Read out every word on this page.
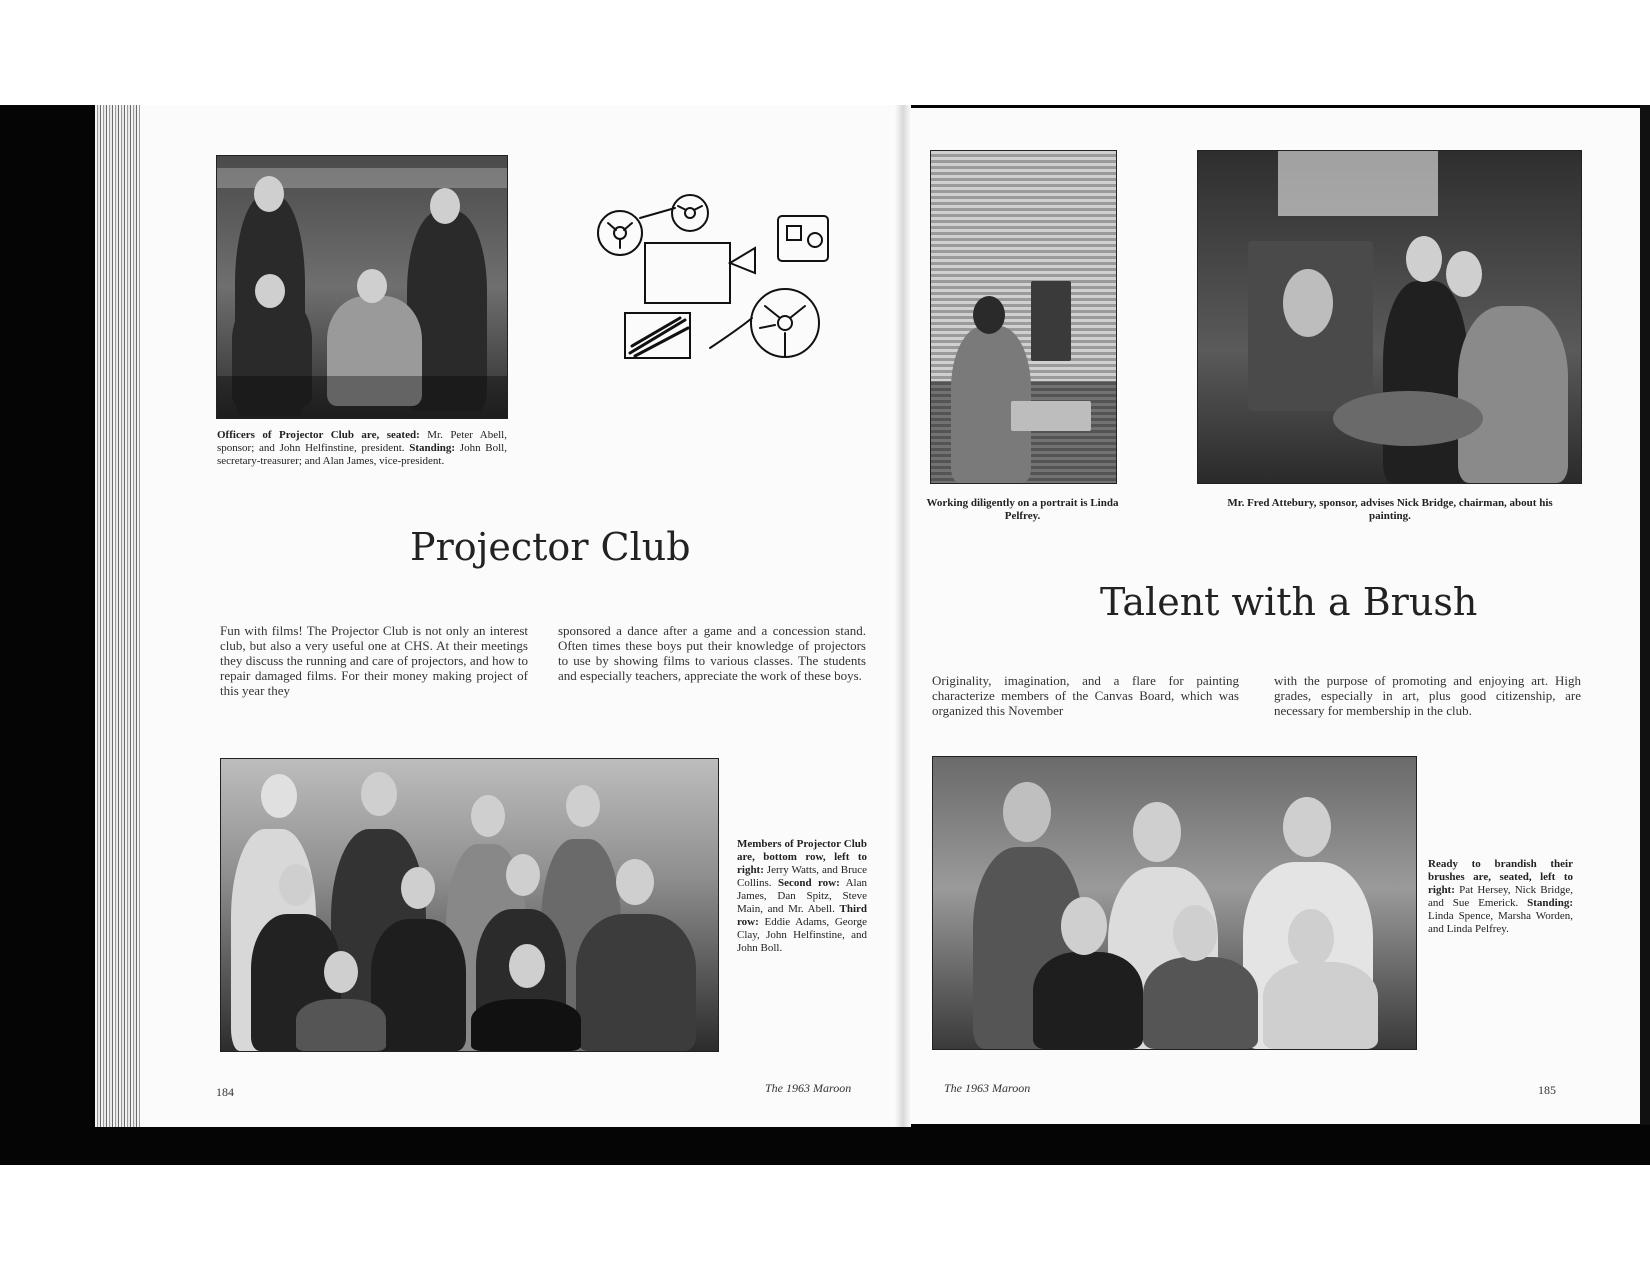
Officers of Projector Club are, seated: Mr. Peter Abell, sponsor; and John Helfinstine, president. Standing: John Boll, secretary-treasurer; and Alan James, vice-president.
Projector Club
Fun with films! The Projector Club is not only an interest club, but also a very useful one at CHS. At their meetings they discuss the running and care of projectors, and how to repair damaged films. For their money making project of this year they
sponsored a dance after a game and a concession stand. Often times these boys put their knowledge of projectors to use by showing films to various classes. The students and especially teachers, appreciate the work of these boys.
Members of Projector Club are, bottom row, left to right: Jerry Watts, and Bruce Collins. Second row: Alan James, Dan Spitz, Steve Main, and Mr. Abell. Third row: Eddie Adams, George Clay, John Helfinstine, and John Boll.
184	The 1963 Maroon
Working diligently on a portrait is Linda Pelfrey.
Mr. Fred Attebury, sponsor, advises Nick Bridge, chairman, about his painting.
Talent with a Brush
Originality, imagination, and a flare for painting characterize members of the Canvas Board, which was organized this November
with the purpose of promoting and enjoying art. High grades, especially in art, plus good citizenship, are necessary for membership in the club.
Ready to brandish their brushes are, seated, left to right: Pat Hersey, Nick Bridge, and Sue Emerick. Standing: Linda Spence, Marsha Worden, and Linda Pelfrey.
The 1963 Maroon	185
